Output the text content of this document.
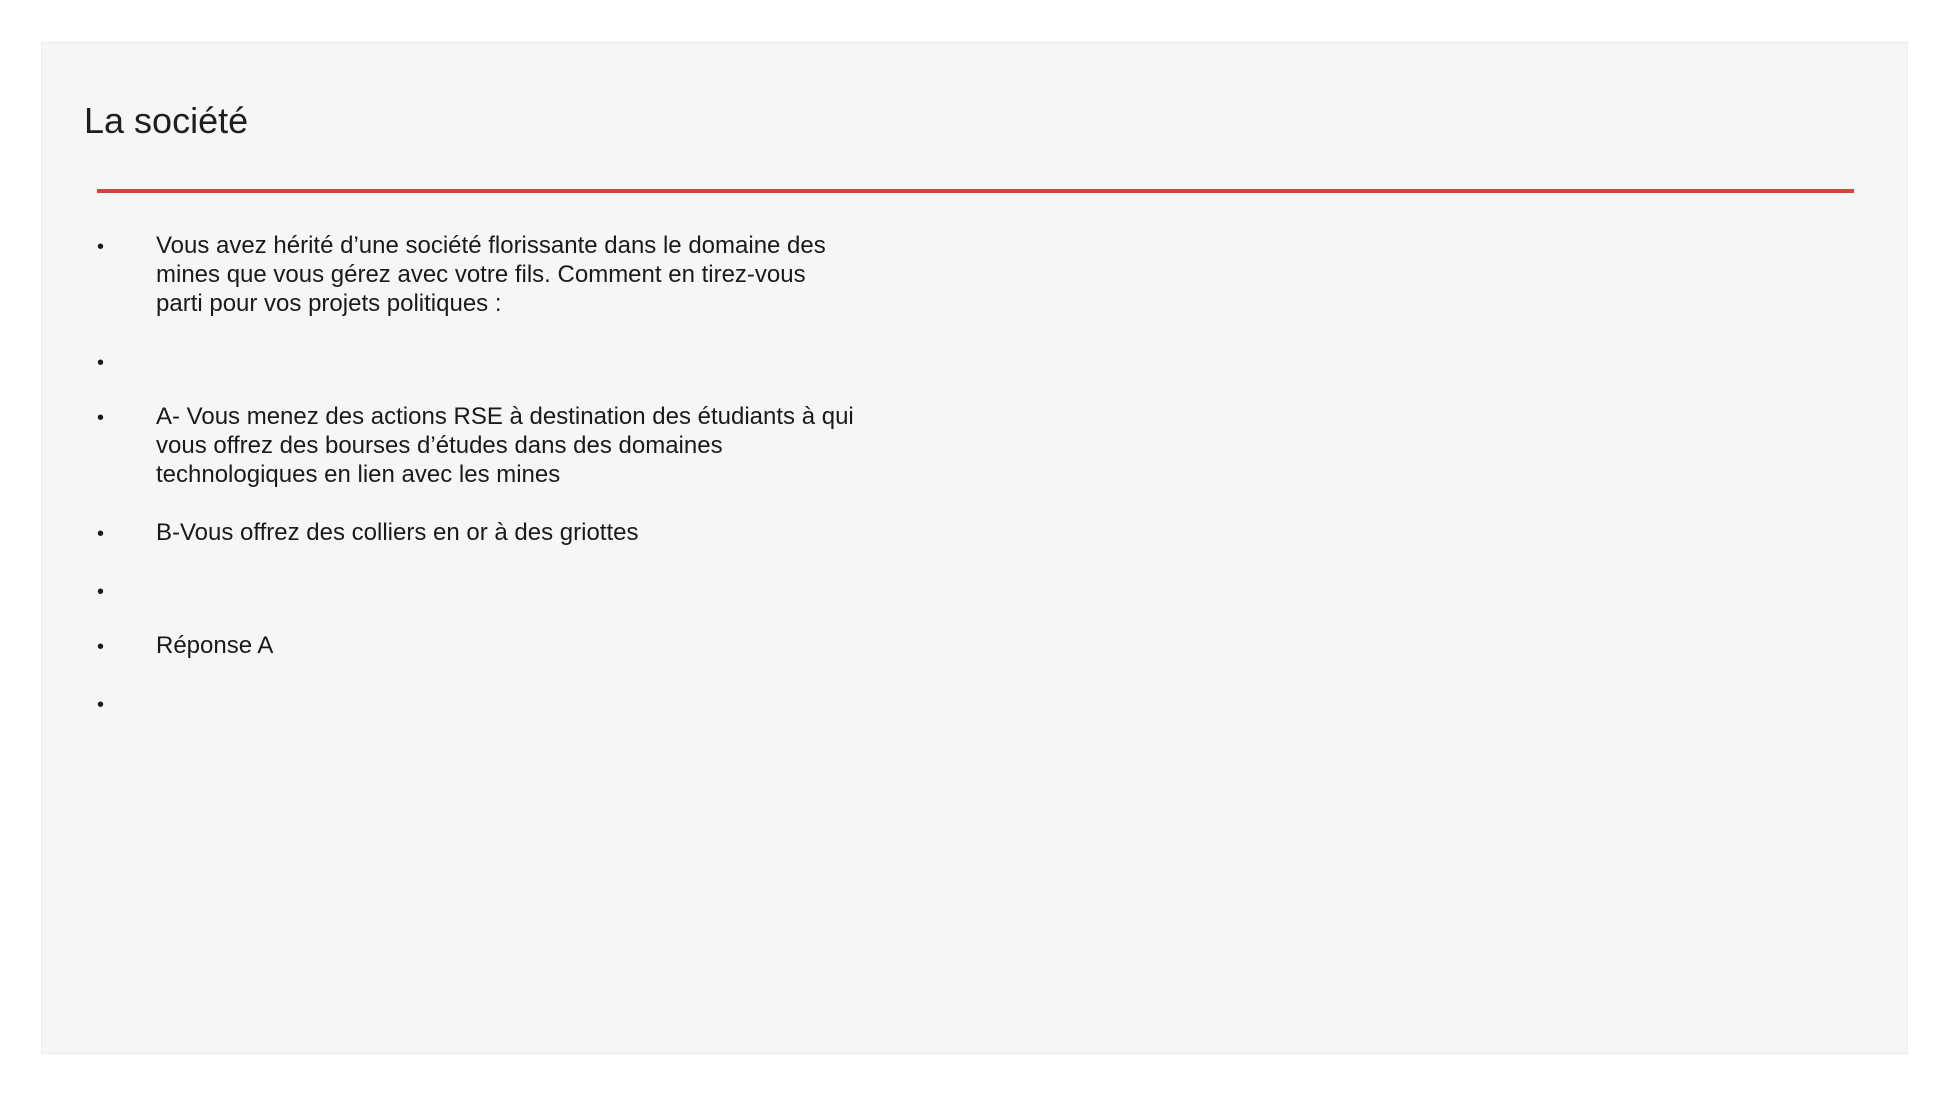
La société
•	Vous avez hérité d’une société florissante dans le domaine des mines que vous gérez avec votre fils. Comment en tirez-vous parti pour vos projets politiques :
•
•	A- Vous menez des actions RSE à destination des étudiants à qui vous offrez des bourses d’études dans des domaines technologiques en lien avec les mines
•	B-Vous offrez des colliers en or à des griottes
•
•	Réponse A
•
